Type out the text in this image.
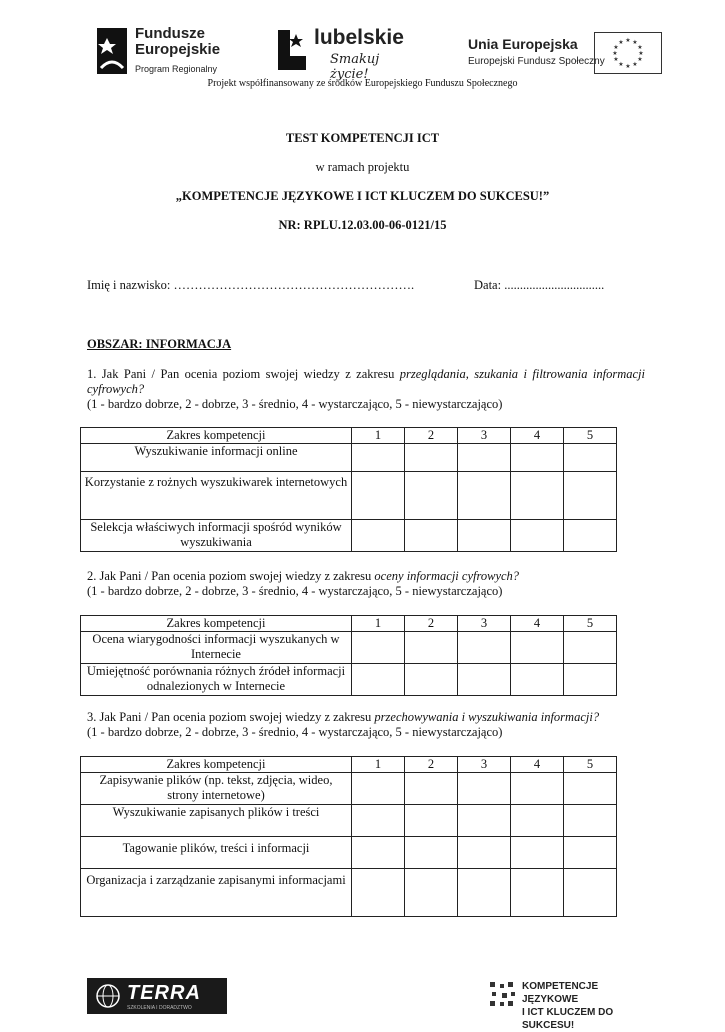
Fundusze
Europejskie
Program Regionalny
lubelskie
Smakuj życie!
Unia Europejska
Europejski Fundusz Społeczny
★ ★
★
★
★
★
★
★
★
★
★
★
Projekt współfinansowany ze środków Europejskiego Funduszu Społecznego
TEST KOMPETENCJI ICT
w ramach projektu
„KOMPETENCJE JĘZYKOWE I ICT KLUCZEM DO SUKCESU!”
NR: RPLU.12.03.00-06-0121/15
Imię i nazwisko: ………………………………………………….	Data: ................................
OBSZAR: INFORMACJA
1. Jak Pani / Pan ocenia poziom swojej wiedzy z zakresu przeglądania, szukania i filtrowania informacji cyfrowych?
(1 - bardzo dobrze, 2 - dobrze, 3 - średnio, 4 - wystarczająco, 5 - niewystarczająco)
Zakres kompetencji	1	2	3	4	5
Wyszukiwanie informacji online					
Korzystanie z rożnych wyszukiwarek internetowych					
Selekcja właściwych informacji spośród wyników wyszukiwania					
2. Jak Pani / Pan ocenia poziom swojej wiedzy z zakresu oceny informacji cyfrowych?
(1 - bardzo dobrze, 2 - dobrze, 3 - średnio, 4 - wystarczająco, 5 - niewystarczająco)
Zakres kompetencji	1	2	3	4	5
Ocena wiarygodności informacji wyszukanych w Internecie					
Umiejętność porównania różnych źródeł informacji odnalezionych w Internecie					
3. Jak Pani / Pan ocenia poziom swojej wiedzy z zakresu przechowywania i wyszukiwania informacji?
(1 - bardzo dobrze, 2 - dobrze, 3 - średnio, 4 - wystarczająco, 5 - niewystarczająco)
Zakres kompetencji	1	2	3	4	5
Zapisywanie plików (np. tekst, zdjęcia, wideo, strony internetowe)					
Wyszukiwanie zapisanych plików i treści					
Tagowanie plików, treści i informacji					
Organizacja i zarządzanie zapisanymi informacjami					
TERRA
SZKOLENIA I DORADZTWO
KOMPETENCJE JĘZYKOWE
I ICT KLUCZEM DO SUKCESU!
